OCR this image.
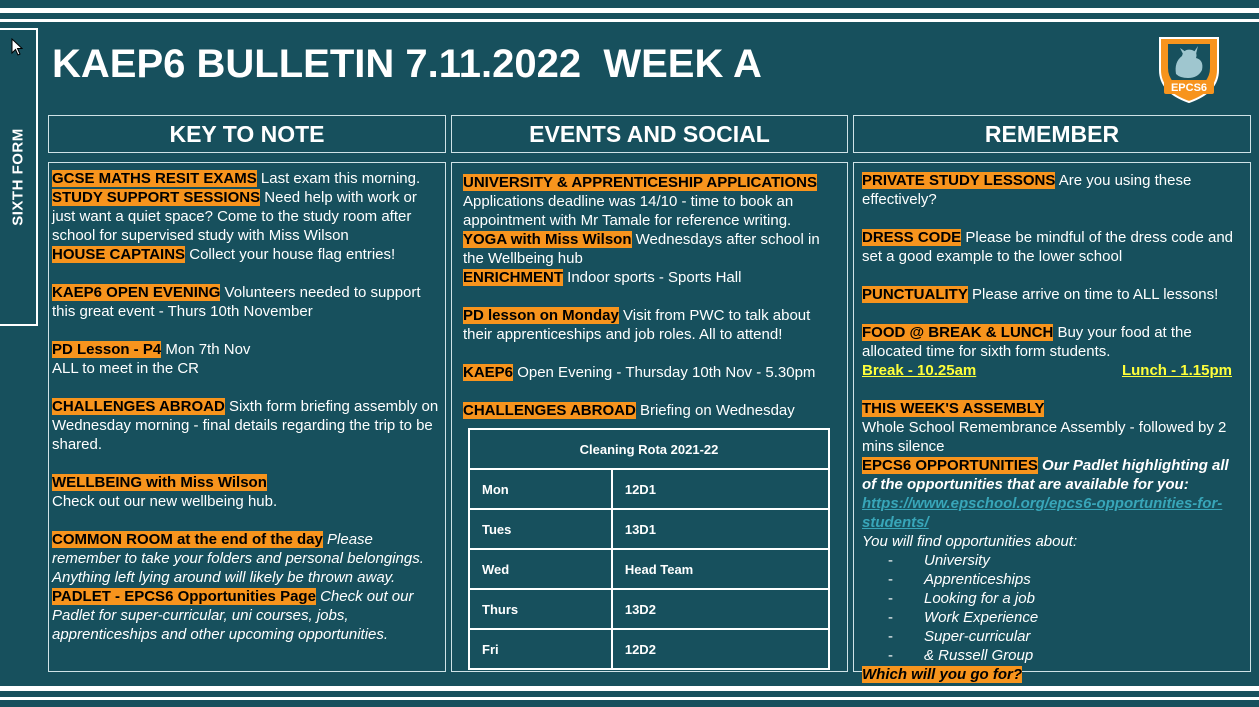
SIXTH FORM
KAEP6 BULLETIN 7.11.2022  WEEK A
EPCS6
KEY TO NOTE	EVENTS AND SOCIAL	REMEMBER

GCSE MATHS RESIT EXAMS Last exam this morning.

STUDY SUPPORT SESSIONS Need help with work or just want a quiet space? Come to the study room after school for supervised study with Miss Wilson

HOUSE CAPTAINS Collect your house flag entries!

KAEP6 OPEN EVENING Volunteers needed to support this great event - Thurs 10th November

PD Lesson - P4 Mon 7th Nov

ALL to meet in the CR

CHALLENGES ABROAD Sixth form briefing assembly on Wednesday morning - final details regarding the trip to be shared.

WELLBEING with Miss Wilson

Check out our new wellbeing hub.

COMMON ROOM at the end of the day Please remember to take your folders and personal belongings. Anything left lying around will likely be thrown away.

PADLET - EPCS6 Opportunities Page Check out our Padlet for super-curricular, uni courses, jobs, apprenticeships and other upcoming opportunities.

UNIVERSITY & APPRENTICESHIP APPLICATIONS

Applications deadline was 14/10 - time to book an appointment with Mr Tamale for reference writing.

YOGA with Miss Wilson Wednesdays after school in the Wellbeing hub

ENRICHMENT Indoor sports - Sports Hall

PD lesson on Monday Visit from PWC to talk about their apprenticeships and job roles. All to attend!

KAEP6 Open Evening - Thursday 10th Nov - 5.30pm

CHALLENGES ABROAD Briefing on Wednesday

Cleaning Rota 2021-22	
Mon	12D1
Tues	13D1
Wed	Head Team
Thurs	13D2
Fri	12D2

PRIVATE STUDY LESSONS Are you using these effectively?

DRESS CODE Please be mindful of the dress code and set a good example to the lower school

PUNCTUALITY Please arrive on time to ALL lessons!

FOOD @ BREAK & LUNCH Buy your food at the allocated time for sixth form students.

Break - 10.25am	Lunch - 1.15pm

THIS WEEK'S ASSEMBLY

Whole School Remembrance Assembly - followed by 2 mins silence

EPCS6 OPPORTUNITIES Our Padlet highlighting all of the opportunities that are available for you:

https://www.epschool.org/epcs6-opportunities-for-students/

You will find opportunities about:

- University
- Apprenticeships
- Looking for a job
- Work Experience
- Super-curricular
- & Russell Group

Which will you go for?
